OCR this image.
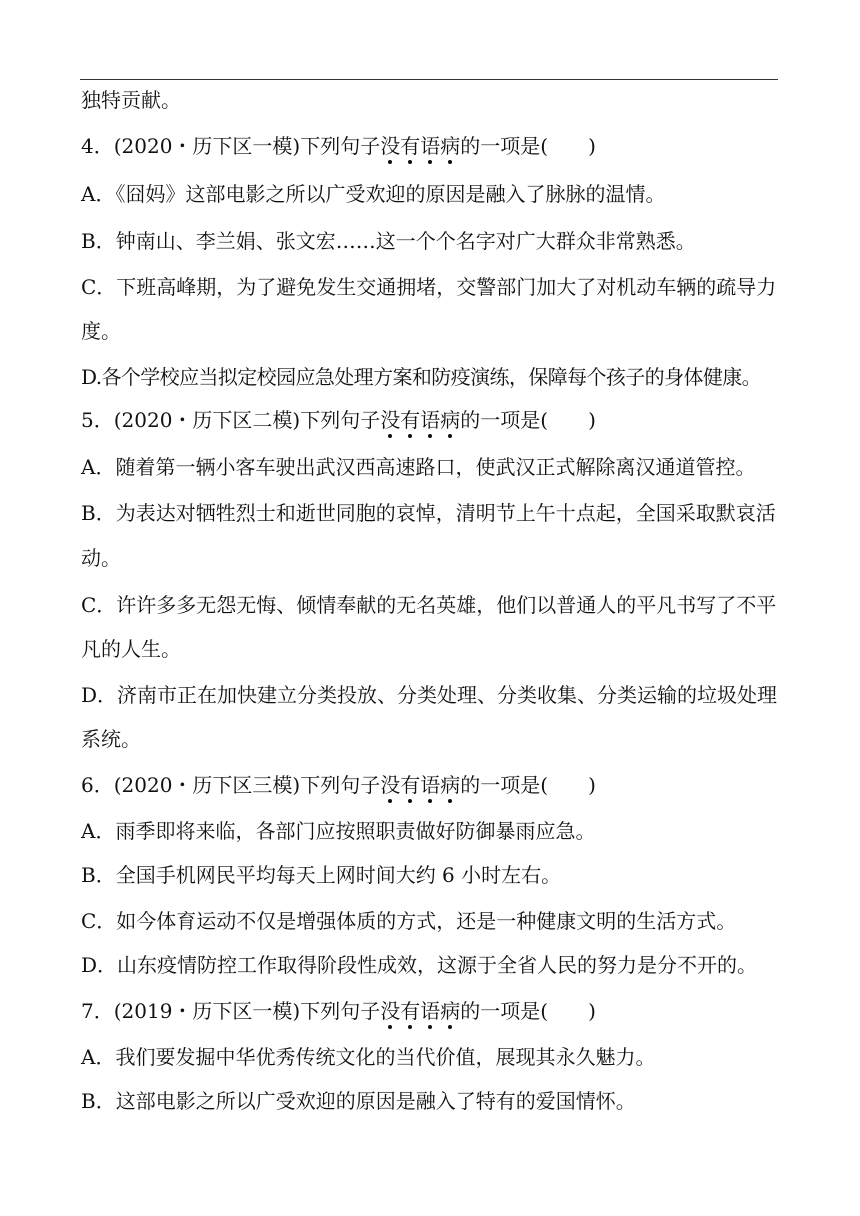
独特贡献。
4．(2020・历下区一模)下列句子没有语病的一项是( )
A．《囧妈》这部电影之所以广受欢迎的原因是融入了脉脉的温情。
B．钟南山、李兰娟、张文宏……这一个个名字对广大群众非常熟悉。
C．下班高峰期，为了避免发生交通拥堵，交警部门加大了对机动车辆的疏导力
度。
D.各个学校应当拟定校园应急处理方案和防疫演练，保障每个孩子的身体健康。
5．(2020・历下区二模)下列句子没有语病的一项是( )
A．随着第一辆小客车驶出武汉西高速路口，使武汉正式解除离汉通道管控。
B．为表达对牺牲烈士和逝世同胞的哀悼，清明节上午十点起，全国采取默哀活
动。
C．许许多多无怨无悔、倾情奉献的无名英雄，他们以普通人的平凡书写了不平
凡的人生。
D．济南市正在加快建立分类投放、分类处理、分类收集、分类运输的垃圾处理
系统。
6．(2020・历下区三模)下列句子没有语病的一项是( )
A．雨季即将来临，各部门应按照职责做好防御暴雨应急。
B．全国手机网民平均每天上网时间大约 6 小时左右。
C．如今体育运动不仅是增强体质的方式，还是一种健康文明的生活方式。
D．山东疫情防控工作取得阶段性成效，这源于全省人民的努力是分不开的。
7．(2019・历下区一模)下列句子没有语病的一项是( )
A．我们要发掘中华优秀传统文化的当代价值，展现其永久魅力。
B．这部电影之所以广受欢迎的原因是融入了特有的爱国情怀。
